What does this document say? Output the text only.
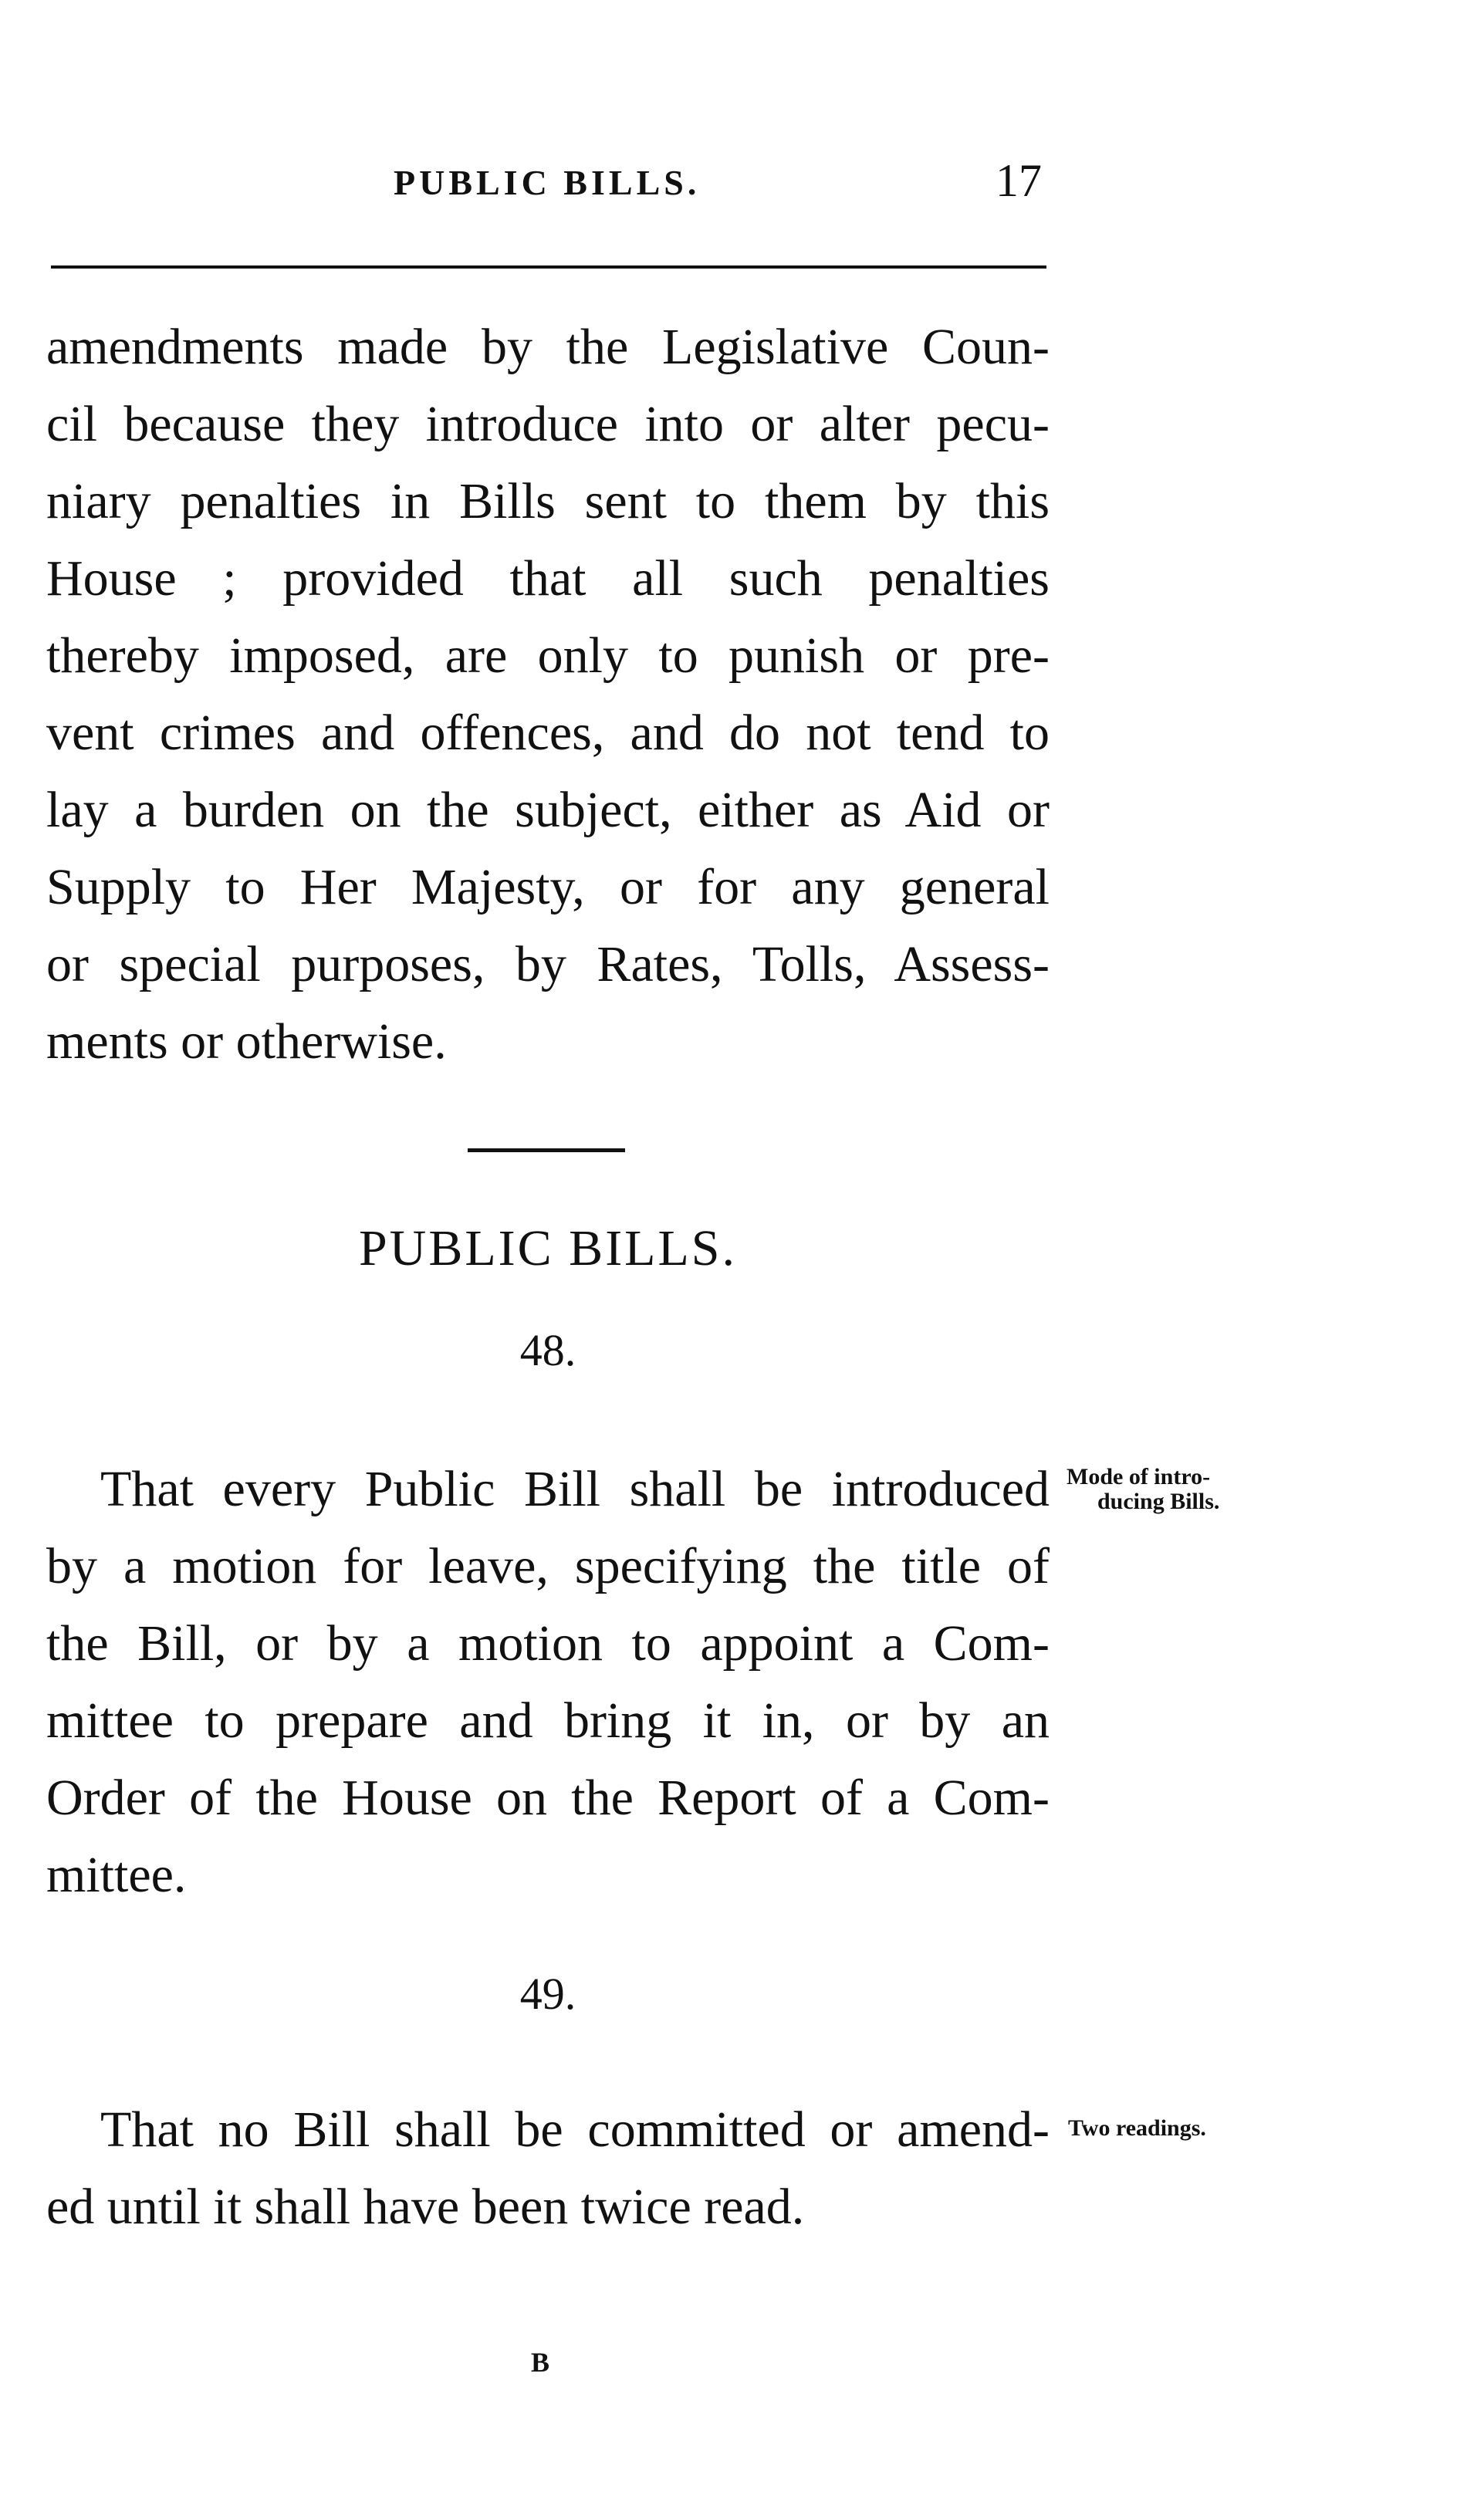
PUBLIC BILLS.	17
amendments made by the Legislative Coun-
cil because they introduce into or alter pecu-
niary penalties in Bills sent to them by this
House ; provided that all such penalties
thereby imposed, are only to punish or pre-
vent crimes and offences, and do not tend to
lay a burden on the subject, either as Aid or
Supply to Her Majesty, or for any general
or special purposes, by Rates, Tolls, Assess-
ments or otherwise.
PUBLIC BILLS.
48.
That every Public Bill shall be introduced
by a motion for leave, specifying the title of
the Bill, or by a motion to appoint a Com-
mittee to prepare and bring it in, or by an
Order of the House on the Report of a Com-
mittee.
Mode of intro-
ducing Bills.
49.
That no Bill shall be committed or amend-
ed until it shall have been twice read.
Two readings.
B
